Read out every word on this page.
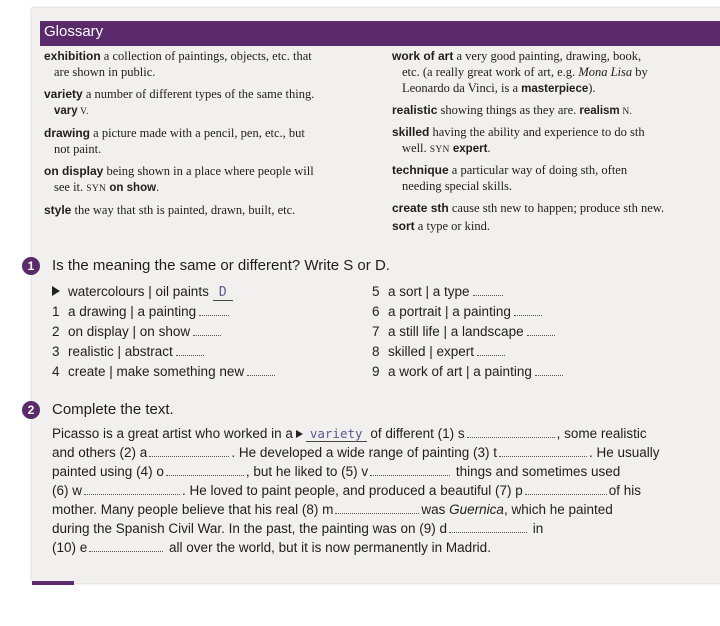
Glossary
exhibition a collection of paintings, objects, etc. that
are shown in public.
variety a number of different types of the same thing.
vary V.
drawing a picture made with a pencil, pen, etc., but
not paint.
on display being shown in a place where people will
see it. SYN on show.
style the way that sth is painted, drawn, built, etc.
work of art a very good painting, drawing, book,
etc. (a really great work of art, e.g. Mona Lisa by
Leonardo da Vinci, is a masterpiece).
realistic showing things as they are. realism N.
skilled having the ability and experience to do sth
well. SYN expert.
technique a particular way of doing sth, often
needing special skills.
create sth cause sth new to happen; produce sth new.
sort a type or kind.
1	Is the meaning the same or different? Write S or D.
watercolours | oil paints D
1 a drawing | a painting
2 on display | on show
3 realistic | abstract
4 create | make something new
5 a sort | a type
6 a portrait | a painting
7 a still life | a landscape
8 skilled | expert
9 a work of art | a painting
2	Complete the text.
Picasso is a great artist who worked in a variety of different (1) s	, some realistic
and others (2) a	. He developed a wide range of painting (3) t	. He usually
painted using (4) o	, but he liked to (5) v	things and sometimes used
(6) w	. He loved to paint people, and produced a beautiful (7) p	of his
mother. Many people believe that his real (8) m	was Guernica, which he painted
during the Spanish Civil War. In the past, the painting was on (9) d	in
(10) e	all over the world, but it is now permanently in Madrid.
